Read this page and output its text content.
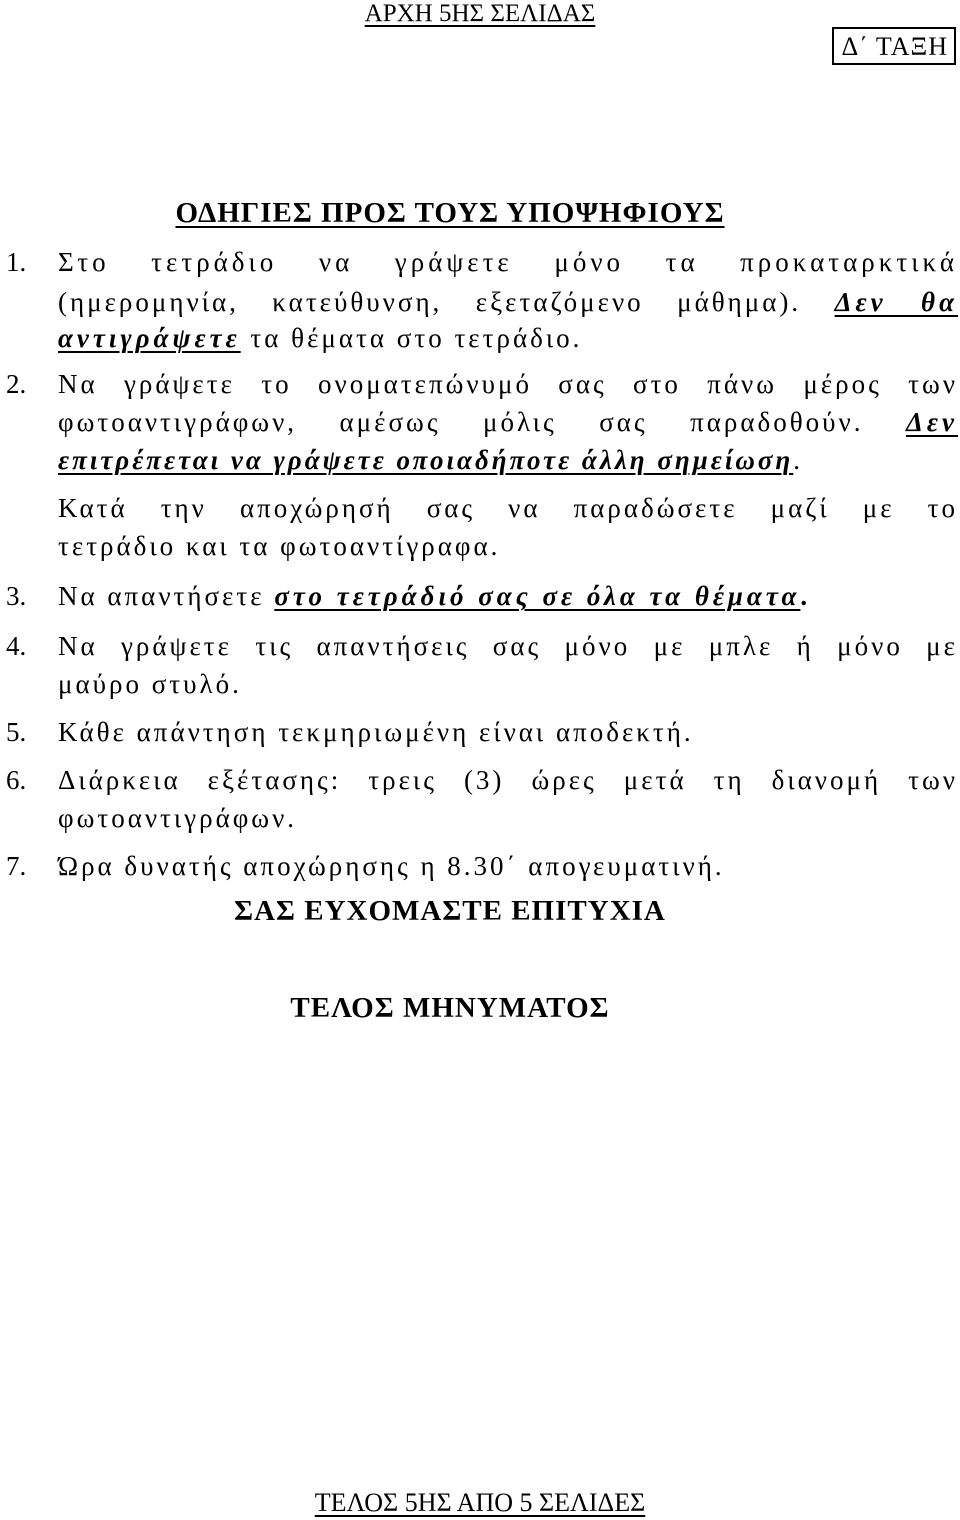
ΑΡΧΗ 5ΗΣ ΣΕΛΙΔΑΣ
Δ΄ ΤΑΞΗ
ΟΔΗΓΙΕΣ ΠΡΟΣ ΤΟΥΣ ΥΠΟΨΗΦΙΟΥΣ
1. Στο τετράδιο να γράψετε μόνο τα προκαταρκτικά
(ημερομηνία, κατεύθυνση, εξεταζόμενο μάθημα). Δεν θα
αντιγράψετε τα θέματα στο τετράδιο.
2. Να γράψετε το ονοματεπώνυμό σας στο πάνω μέρος των
φωτοαντιγράφων, αμέσως μόλις σας παραδοθούν. Δεν
επιτρέπεται να γράψετε οποιαδήποτε άλλη σημείωση.
Κατά την αποχώρησή σας να παραδώσετε μαζί με το
τετράδιο και τα φωτοαντίγραφα.
3. Να απαντήσετε στο τετράδιό σας σε όλα τα θέματα.
4. Να γράψετε τις απαντήσεις σας μόνο με μπλε ή μόνο με
μαύρο στυλό.
5. Κάθε απάντηση τεκμηριωμένη είναι αποδεκτή.
6. Διάρκεια εξέτασης: τρεις (3) ώρες μετά τη διανομή των
φωτοαντιγράφων.
7. Ώρα δυνατής αποχώρησης η 8.30΄ απογευματινή.
ΣΑΣ ΕΥΧΟΜΑΣΤΕ ΕΠΙΤΥΧΙΑ
ΤΕΛΟΣ ΜΗΝΥΜΑΤΟΣ
ΤΕΛΟΣ 5ΗΣ ΑΠΟ 5 ΣΕΛΙΔΕΣ
